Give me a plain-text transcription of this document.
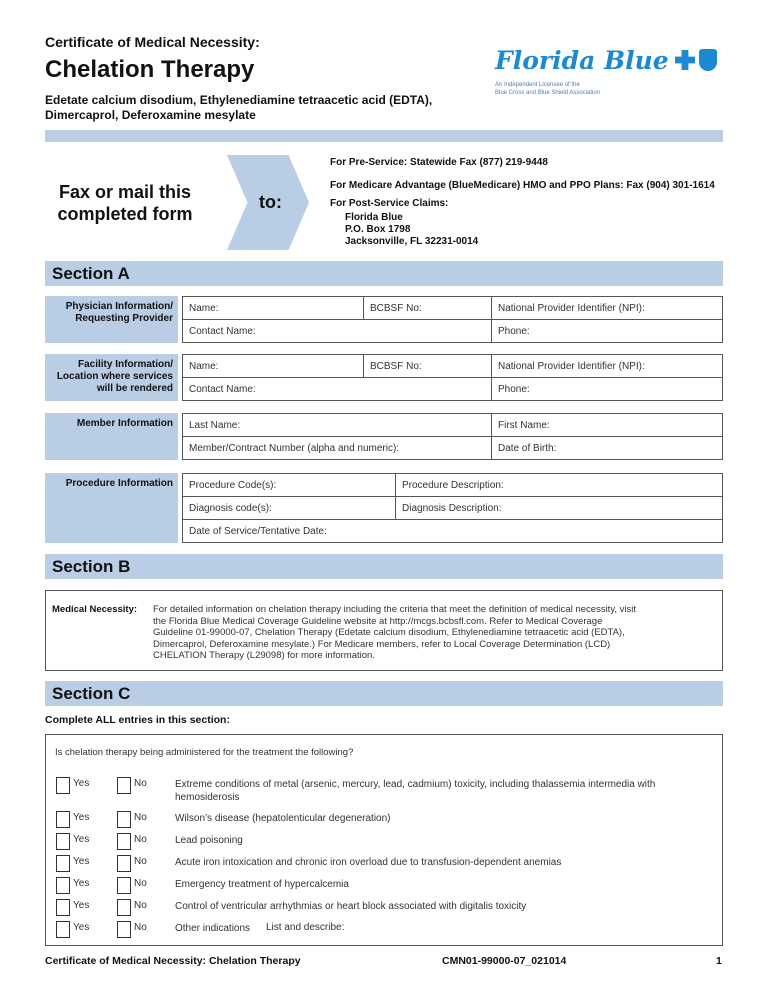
Certificate of Medical Necessity:
Chelation Therapy
Edetate calcium disodium, Ethylenediamine tetraacetic acid (EDTA),
Dimercaprol, Deferoxamine mesylate
Florida Blue
An Independent Licensee of the
Blue Cross and Blue Shield Association
Fax or mail this
completed form
to:
For Pre-Service: Statewide Fax (877) 219-9448
For Medicare Advantage (BlueMedicare) HMO and PPO Plans: Fax (904) 301-1614
For Post-Service Claims:
Florida Blue
P.O. Box 1798
Jacksonville, FL 32231-0014
Section A
Physician Information/
Requesting Provider
Name:	BCBSF No:	National Provider Identifier (NPI):
Contact Name:		Phone:
Facility Information/
Location where services
will be rendered
Name:	BCBSF No:	National Provider Identifier (NPI):
Contact Name:		Phone:
Member Information	Last Name:	First Name:
Member/Contract Number (alpha and numeric):	Date of Birth:
Procedure Information	Procedure Code(s):	Procedure Description:
Diagnosis code(s):	Diagnosis Description:
Date of Service/Tentative Date:	
Section B
Medical Necessity: For detailed information on chelation therapy including the criteria that meet the definition of medical necessity, visit
the Florida Blue Medical Coverage Guideline website at http://mcgs.bcbsfl.com. Refer to Medical Coverage
Guideline 01-99000-07, Chelation Therapy (Edetate calcium disodium, Ethylenediamine tetraacetic acid (EDTA),
Dimercaprol, Deferoxamine mesylate.) For Medicare members, refer to Local Coverage Determination (LCD)
CHELATION Therapy (L29098) for more information.
Section C
Complete ALL entries in this section:
Is chelation therapy being administered for the treatment the following?
Yes	No	Extreme conditions of metal (arsenic, mercury, lead, cadmium) toxicity, including thalassemia intermedia with hemosiderosis
Yes	No	Wilson’s disease (hepatolenticular degeneration)
Yes	No	Lead poisoning
Yes	No	Acute iron intoxication and chronic iron overload due to transfusion-dependent anemias
Yes	No	Emergency treatment of hypercalcemia
Yes	No	Control of ventricular arrhythmias or heart block associated with digitalis toxicity
Yes	No	Other indications	List and describe:
Certificate of Medical Necessity: Chelation Therapy	CMN01-99000-07_021014	1
